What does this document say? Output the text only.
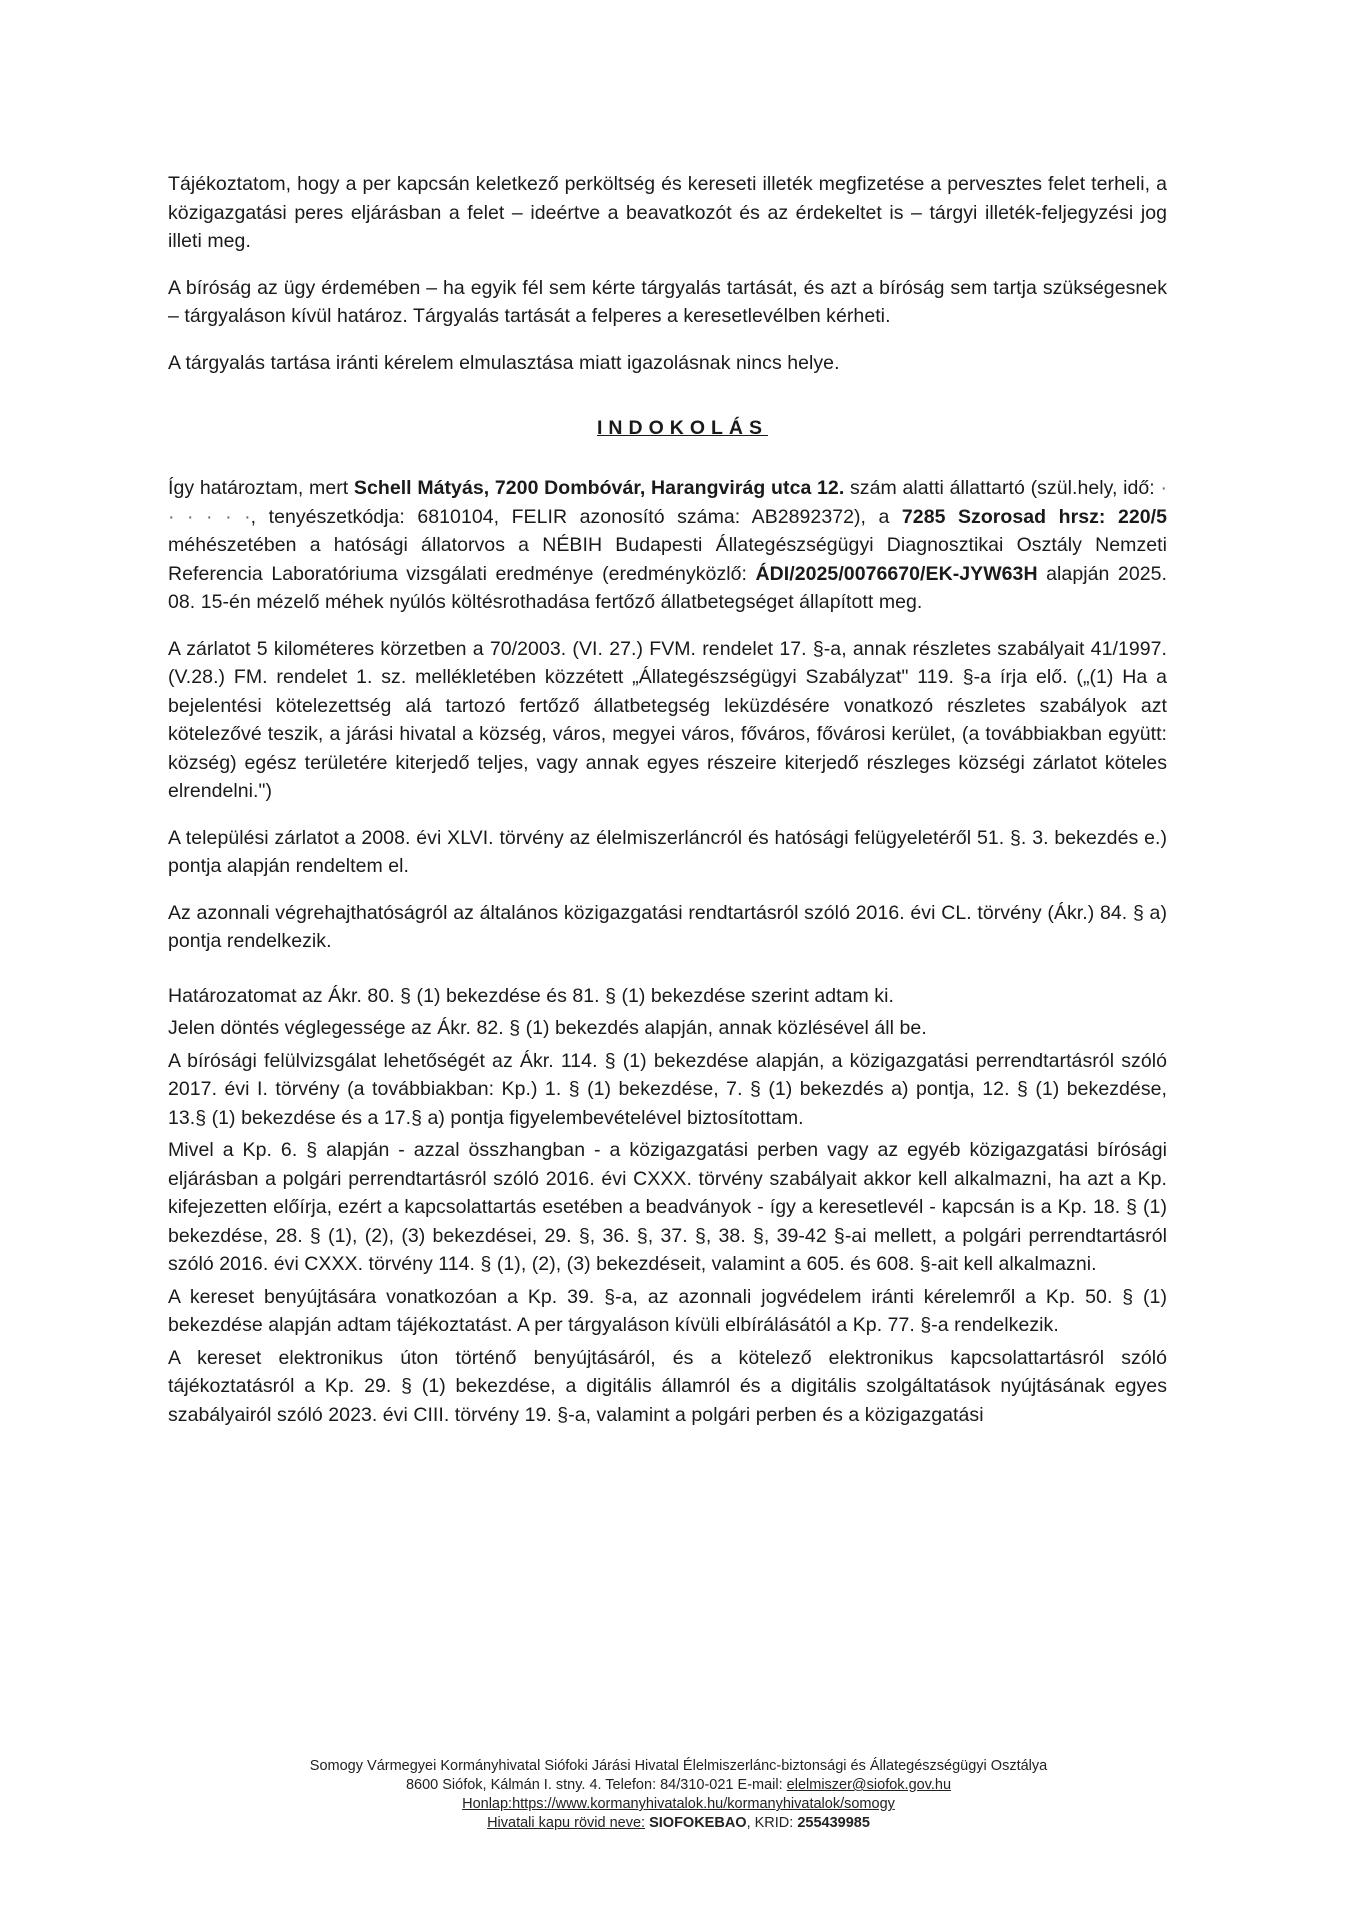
Tájékoztatom, hogy a per kapcsán keletkező perköltség és kereseti illeték megfizetése a pervesztes felet terheli, a közigazgatási peres eljárásban a felet – ideértve a beavatkozót és az érdekeltet is – tárgyi illeték-feljegyzési jog illeti meg.

A bíróság az ügy érdemében – ha egyik fél sem kérte tárgyalás tartását, és azt a bíróság sem tartja szükségesnek – tárgyaláson kívül határoz. Tárgyalás tartását a felperes a keresetlevélben kérheti.

A tárgyalás tartása iránti kérelem elmulasztása miatt igazolásnak nincs helye.

INDOKOLÁS

Így határoztam, mert Schell Mátyás, 7200 Dombóvár, Harangvirág utca 12. szám alatti állattartó (szül.hely, idő: · · · · · ·, tenyészetkódja: 6810104, FELIR azonosító száma: AB2892372), a 7285 Szorosad hrsz: 220/5 méhészetében a hatósági állatorvos a NÉBIH Budapesti Állategészségügyi Diagnosztikai Osztály Nemzeti Referencia Laboratóriuma vizsgálati eredménye (eredményközlő: ÁDI/2025/0076670/EK-JYW63H alapján 2025. 08. 15-én mézelő méhek nyúlós költésrothadása fertőző állatbetegséget állapított meg.

A zárlatot 5 kilométeres körzetben a 70/2003. (VI. 27.) FVM. rendelet 17. §-a, annak részletes szabályait 41/1997. (V.28.) FM. rendelet 1. sz. mellékletében közzétett „Állategészségügyi Szabályzat" 119. §-a írja elő. („(1) Ha a bejelentési kötelezettség alá tartozó fertőző állatbetegség leküzdésére vonatkozó részletes szabályok azt kötelezővé teszik, a járási hivatal a község, város, megyei város, főváros, fővárosi kerület, (a továbbiakban együtt: község) egész területére kiterjedő teljes, vagy annak egyes részeire kiterjedő részleges községi zárlatot köteles elrendelni.")

A települési zárlatot a 2008. évi XLVI. törvény az élelmiszerláncról és hatósági felügyeletéről 51. §. 3. bekezdés e.) pontja alapján rendeltem el.

Az azonnali végrehajthatóságról az általános közigazgatási rendtartásról szóló 2016. évi CL. törvény (Ákr.) 84. § a) pontja rendelkezik.

Határozatomat az Ákr. 80. § (1) bekezdése és 81. § (1) bekezdése szerint adtam ki.

Jelen döntés véglegessége az Ákr. 82. § (1) bekezdés alapján, annak közlésével áll be.

A bírósági felülvizsgálat lehetőségét az Ákr. 114. § (1) bekezdése alapján, a közigazgatási perrendtartásról szóló 2017. évi I. törvény (a továbbiakban: Kp.) 1. § (1) bekezdése, 7. § (1) bekezdés a) pontja, 12. § (1) bekezdése, 13.§ (1) bekezdése és a 17.§ a) pontja figyelembevételével biztosítottam.

Mivel a Kp. 6. § alapján - azzal összhangban - a közigazgatási perben vagy az egyéb közigazgatási bírósági eljárásban a polgári perrendtartásról szóló 2016. évi CXXX. törvény szabályait akkor kell alkalmazni, ha azt a Kp. kifejezetten előírja, ezért a kapcsolattartás esetében a beadványok - így a keresetlevél - kapcsán is a Kp. 18. § (1) bekezdése, 28. § (1), (2), (3) bekezdései, 29. §, 36. §, 37. §, 38. §, 39-42 §-ai mellett, a polgári perrendtartásról szóló 2016. évi CXXX. törvény 114. § (1), (2), (3) bekezdéseit, valamint a 605. és 608. §-ait kell alkalmazni.

A kereset benyújtására vonatkozóan a Kp. 39. §-a, az azonnali jogvédelem iránti kérelemről a Kp. 50. § (1) bekezdése alapján adtam tájékoztatást. A per tárgyaláson kívüli elbírálásától a Kp. 77. §-a rendelkezik.

A kereset elektronikus úton történő benyújtásáról, és a kötelező elektronikus kapcsolattartásról szóló tájékoztatásról a Kp. 29. § (1) bekezdése, a digitális államról és a digitális szolgáltatások nyújtásának egyes szabályairól szóló 2023. évi CIII. törvény 19. §-a, valamint a polgári perben és a közigazgatási

Somogy Vármegyei Kormányhivatal Siófoki Járási Hivatal Élelmiszerlánc-biztonsági és Állategészségügyi Osztálya
8600 Siófok, Kálmán I. stny. 4. Telefon: 84/310-021 E-mail: elelmiszer@siofok.gov.hu
Honlap:https://www.kormanyhivatalok.hu/kormanyhivatalok/somogy
Hivatali kapu rövid neve: SIOFOKEBAO, KRID: 255439985
